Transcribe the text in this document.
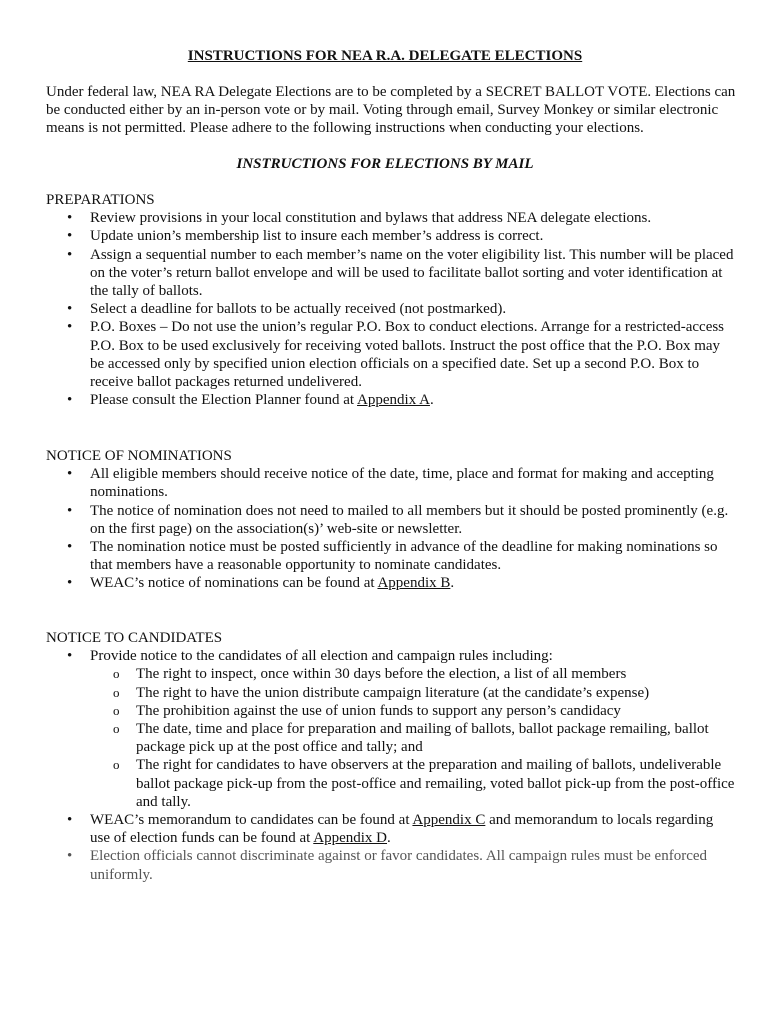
INSTRUCTIONS FOR NEA R.A. DELEGATE ELECTIONS
Under federal law, NEA RA Delegate Elections are to be completed by a SECRET BALLOT VOTE. Elections can be conducted either by an in-person vote or by mail. Voting through email, Survey Monkey or similar electronic means is not permitted. Please adhere to the following instructions when conducting your elections.
INSTRUCTIONS FOR ELECTIONS BY MAIL
PREPARATIONS
• Review provisions in your local constitution and bylaws that address NEA delegate elections.
• Update union’s membership list to insure each member’s address is correct.
• Assign a sequential number to each member’s name on the voter eligibility list. This number will be placed on the voter’s return ballot envelope and will be used to facilitate ballot sorting and voter identification at the tally of ballots.
• Select a deadline for ballots to be actually received (not postmarked).
• P.O. Boxes – Do not use the union’s regular P.O. Box to conduct elections. Arrange for a restricted-access P.O. Box to be used exclusively for receiving voted ballots. Instruct the post office that the P.O. Box may be accessed only by specified union election officials on a specified date. Set up a second P.O. Box to receive ballot packages returned undelivered.
• Please consult the Election Planner found at Appendix A.
NOTICE OF NOMINATIONS
• All eligible members should receive notice of the date, time, place and format for making and accepting nominations.
• The notice of nomination does not need to mailed to all members but it should be posted prominently (e.g. on the first page) on the association(s)’ web-site or newsletter.
• The nomination notice must be posted sufficiently in advance of the deadline for making nominations so that members have a reasonable opportunity to nominate candidates.
• WEAC’s notice of nominations can be found at Appendix B.
NOTICE TO CANDIDATES
• Provide notice to the candidates of all election and campaign rules including:
o The right to inspect, once within 30 days before the election, a list of all members
o The right to have the union distribute campaign literature (at the candidate’s expense)
o The prohibition against the use of union funds to support any person’s candidacy
o The date, time and place for preparation and mailing of ballots, ballot package remailing, ballot package pick up at the post office and tally; and
o The right for candidates to have observers at the preparation and mailing of ballots, undeliverable ballot package pick-up from the post-office and remailing, voted ballot pick-up from the post-office and tally.
• WEAC’s memorandum to candidates can be found at Appendix C and memorandum to locals regarding use of election funds can be found at Appendix D.
• Election officials cannot discriminate against or favor candidates. All campaign rules must be enforced uniformly.
